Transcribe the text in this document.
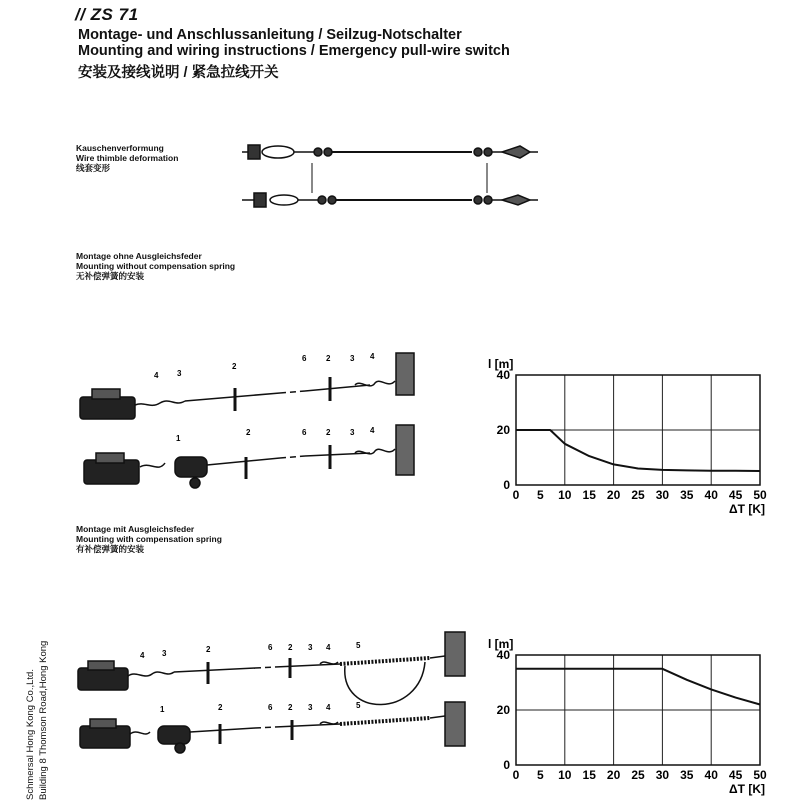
// ZS 71
Montage- und Anschlussanleitung / Seilzug-Notschalter
Mounting and wiring instructions / Emergency pull-wire switch
安装及接线说明 / 紧急拉线开关
Kauschenverformung
Wire thimble deformation
线套变形
Montage ohne Ausgleichsfeder
Mounting without compensation spring
无补偿弹簧的安装
Montage mit Ausgleichsfeder
Mounting with compensation spring
有补偿弹簧的安装
4 3
2
6 2 3 4
1
2	6 2 3 4
4 3	2	6 2 3 4	5
1	2	6 2 3 4	5
Schmersal Hong Kong Co.,Ltd. Building 8 Thomson Road,Hong Kong
0 5 10 15 20 25 30 35 40 45 50
0
20
40
l [m]
ΔT [K]
0 5 10 15 20 25 30 35 40 45 50
0
20
40
l [m]
ΔT [K]
